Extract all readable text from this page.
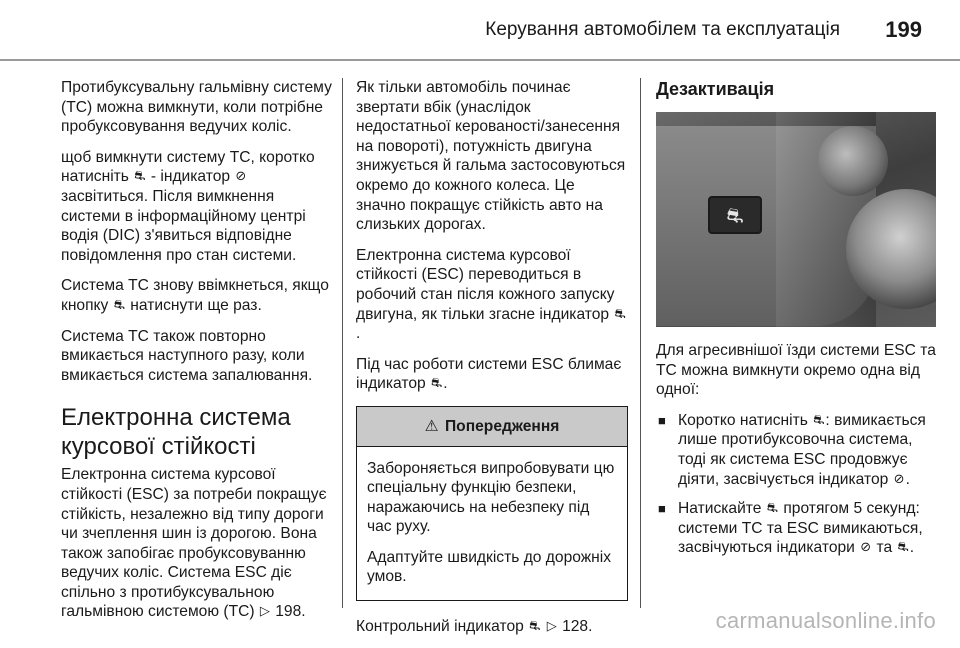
Керування автомобілем та експлуатація 199

Протибуксувальну гальмівну систему (TC) можна вимкнути, коли потрібне пробуксовування ведучих коліс.

щоб вимкнути систему TC, коротко натисніть ⛐ - індикатор ⊘ засвітиться. Після вимкнення системи в інформаційному центрі водія (DIC) з'явиться відповідне повідомлення про стан системи.

Система TC знову ввімкнеться, якщо кнопку ⛐ натиснути ще раз.

Система TC також повторно вмикається наступного разу, коли вмикається система запалювання.

Електронна система курсової стійкості

Електронна система курсової стійкості (ESC) за потреби покращує стійкість, незалежно від типу дороги чи зчеплення шин із дорогою. Вона також запобігає пробуксовуванню ведучих коліс. Система ESC діє спільно з протибуксувальною гальмівною системою (TC) ▷ 198.

Як тільки автомобіль починає звертати вбік (унаслідок недостатньої керованості/занесення на повороті), потужність двигуна знижується й гальма застосовуються окремо до кожного колеса. Це значно покращує стійкість авто на слизьких дорогах.

Електронна система курсової стійкості (ESC) переводиться в робочий стан після кожного запуску двигуна, як тільки згасне індикатор ⛐.

Під час роботи системи ESC блимає індикатор ⛐.

⚠ Попередження

Забороняється випробовувати цю спеціальну функцію безпеки, наражаючись на небезпеку під час руху.

Адаптуйте швидкість до дорожніх умов.

Контрольний індикатор ⛐ ▷ 128.

Дезактивація
⛐

Для агресивнішої їзди системи ESC та TC можна вимкнути окремо одна від одної:

■ Коротко натисніть ⛐: вимикається лише протибуксовочна система, тоді як система ESC продовжує діяти, засвічується індикатор ⊘.
■ Натискайте ⛐ протягом 5 секунд: системи TC та ESC вимикаються, засвічуються індикатори ⊘ та ⛐.
carmanualsonline.info
